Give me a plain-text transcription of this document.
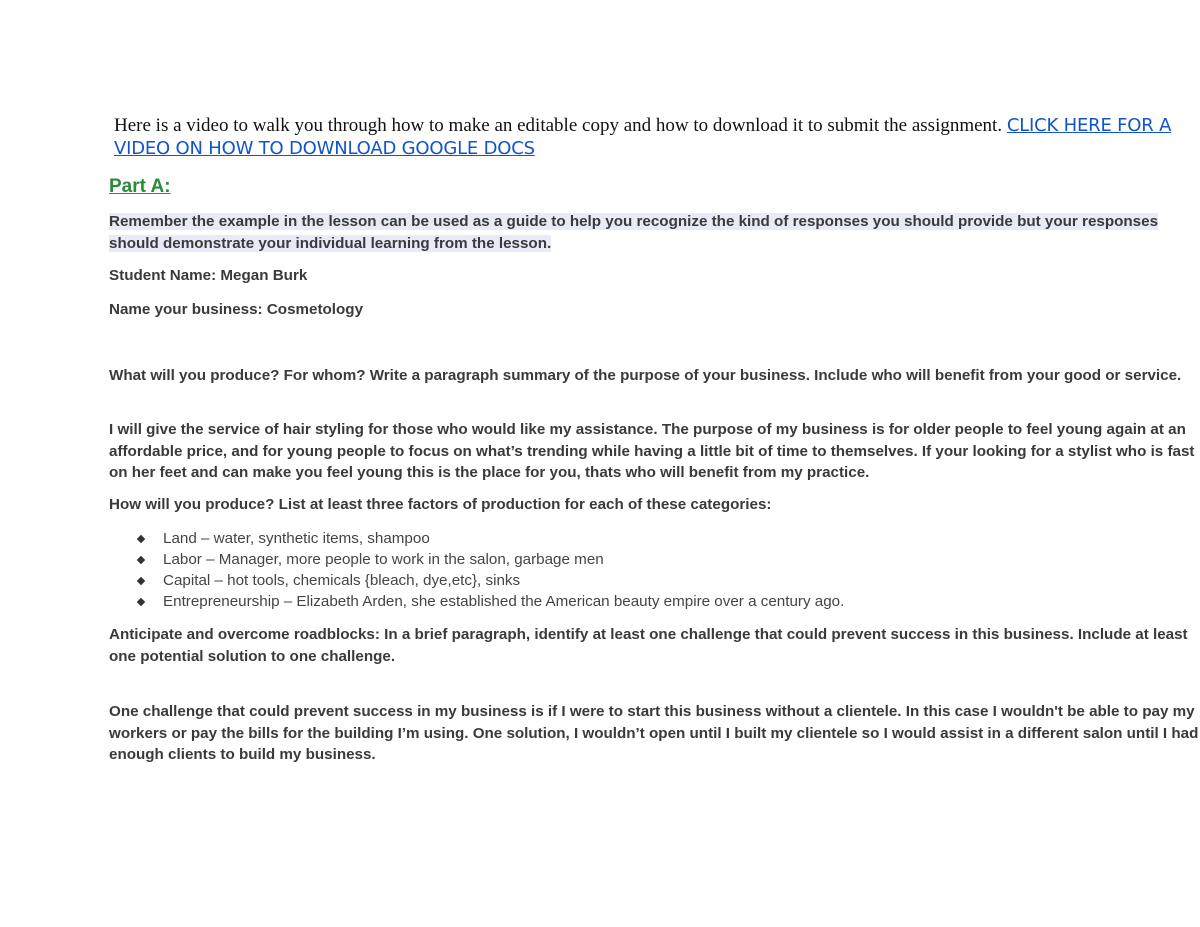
Here is a video to walk you through how to make an editable copy and how to download it to submit the assignment. CLICK HERE FOR A VIDEO ON HOW TO DOWNLOAD GOOGLE DOCS
Part A:
Remember the example in the lesson can be used as a guide to help you recognize the kind of responses you should provide but your responses should demonstrate your individual learning from the lesson.
Student Name: Megan Burk
Name your business: Cosmetology
What will you produce? For whom? Write a paragraph summary of the purpose of your business. Include who will benefit from your good or service.
I will give the service of hair styling for those who would like my assistance. The purpose of my business is for older people to feel young again at an affordable price, and for young people to focus on what’s trending while having a little bit of time to themselves. If your looking for a stylist who is fast on her feet and can make you feel young this is the place for you, thats who will benefit from my practice.
How will you produce? List at least three factors of production for each of these categories:
Land – water, synthetic items, shampoo
Labor – Manager, more people to work in the salon, garbage men
Capital – hot tools, chemicals {bleach, dye,etc}, sinks
Entrepreneurship – Elizabeth Arden, she established the American beauty empire over a century ago.
Anticipate and overcome roadblocks: In a brief paragraph, identify at least one challenge that could prevent success in this business. Include at least one potential solution to one challenge.
One challenge that could prevent success in my business is if I were to start this business without a clientele. In this case I wouldn't be able to pay my workers or pay the bills for the building I’m using. One solution, I wouldn’t open until I built my clientele so I would assist in a different salon until I had enough clients to build my business.
